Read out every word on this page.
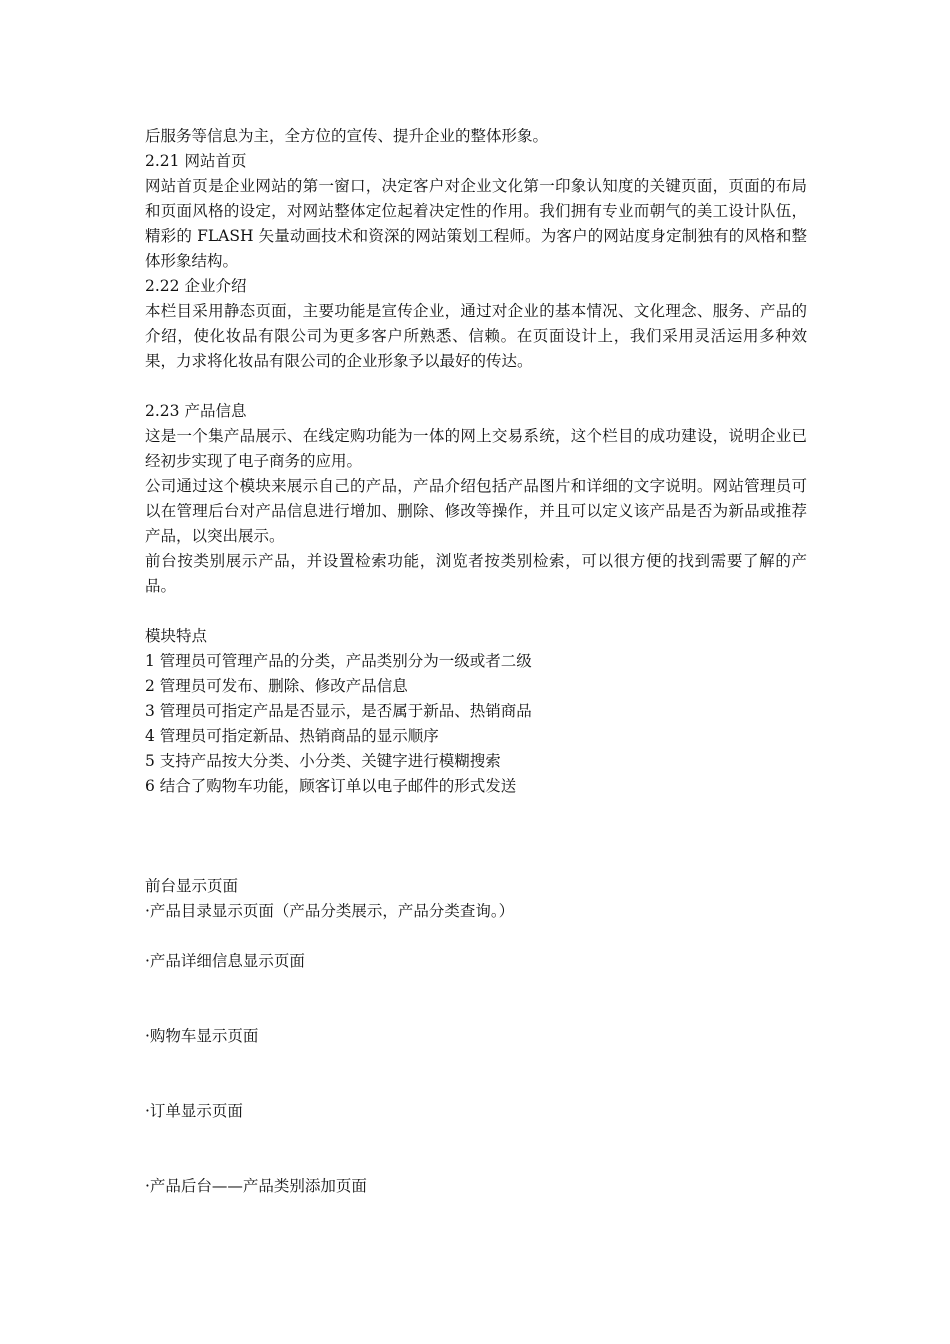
后服务等信息为主，全方位的宣传、提升企业的整体形象。
2.21 网站首页
网站首页是企业网站的第一窗口，决定客户对企业文化第一印象认知度的关键页面，页面的布局和页面风格的设定，对网站整体定位起着决定性的作用。我们拥有专业而朝气的美工设计队伍，精彩的 FLASH 矢量动画技术和资深的网站策划工程师。为客户的网站度身定制独有的风格和整体形象结构。
2.22 企业介绍
本栏目采用静态页面，主要功能是宣传企业，通过对企业的基本情况、文化理念、服务、产品的介绍，使化妆品有限公司为更多客户所熟悉、信赖。在页面设计上，我们采用灵活运用多种效果，力求将化妆品有限公司的企业形象予以最好的传达。
2.23 产品信息
这是一个集产品展示、在线定购功能为一体的网上交易系统，这个栏目的成功建设，说明企业已经初步实现了电子商务的应用。
公司通过这个模块来展示自己的产品，产品介绍包括产品图片和详细的文字说明。网站管理员可以在管理后台对产品信息进行增加、删除、修改等操作，并且可以定义该产品是否为新品或推荐产品，以突出展示。
前台按类别展示产品，并设置检索功能，浏览者按类别检索，可以很方便的找到需要了解的产品。
模块特点
1 管理员可管理产品的分类，产品类别分为一级或者二级
2 管理员可发布、删除、修改产品信息
3 管理员可指定产品是否显示，是否属于新品、热销商品
4 管理员可指定新品、热销商品的显示顺序
5 支持产品按大分类、小分类、关键字进行模糊搜索
6 结合了购物车功能，顾客订单以电子邮件的形式发送
前台显示页面
·产品目录显示页面（产品分类展示，产品分类查询。）
·产品详细信息显示页面
·购物车显示页面
·订单显示页面
·产品后台——产品类别添加页面
